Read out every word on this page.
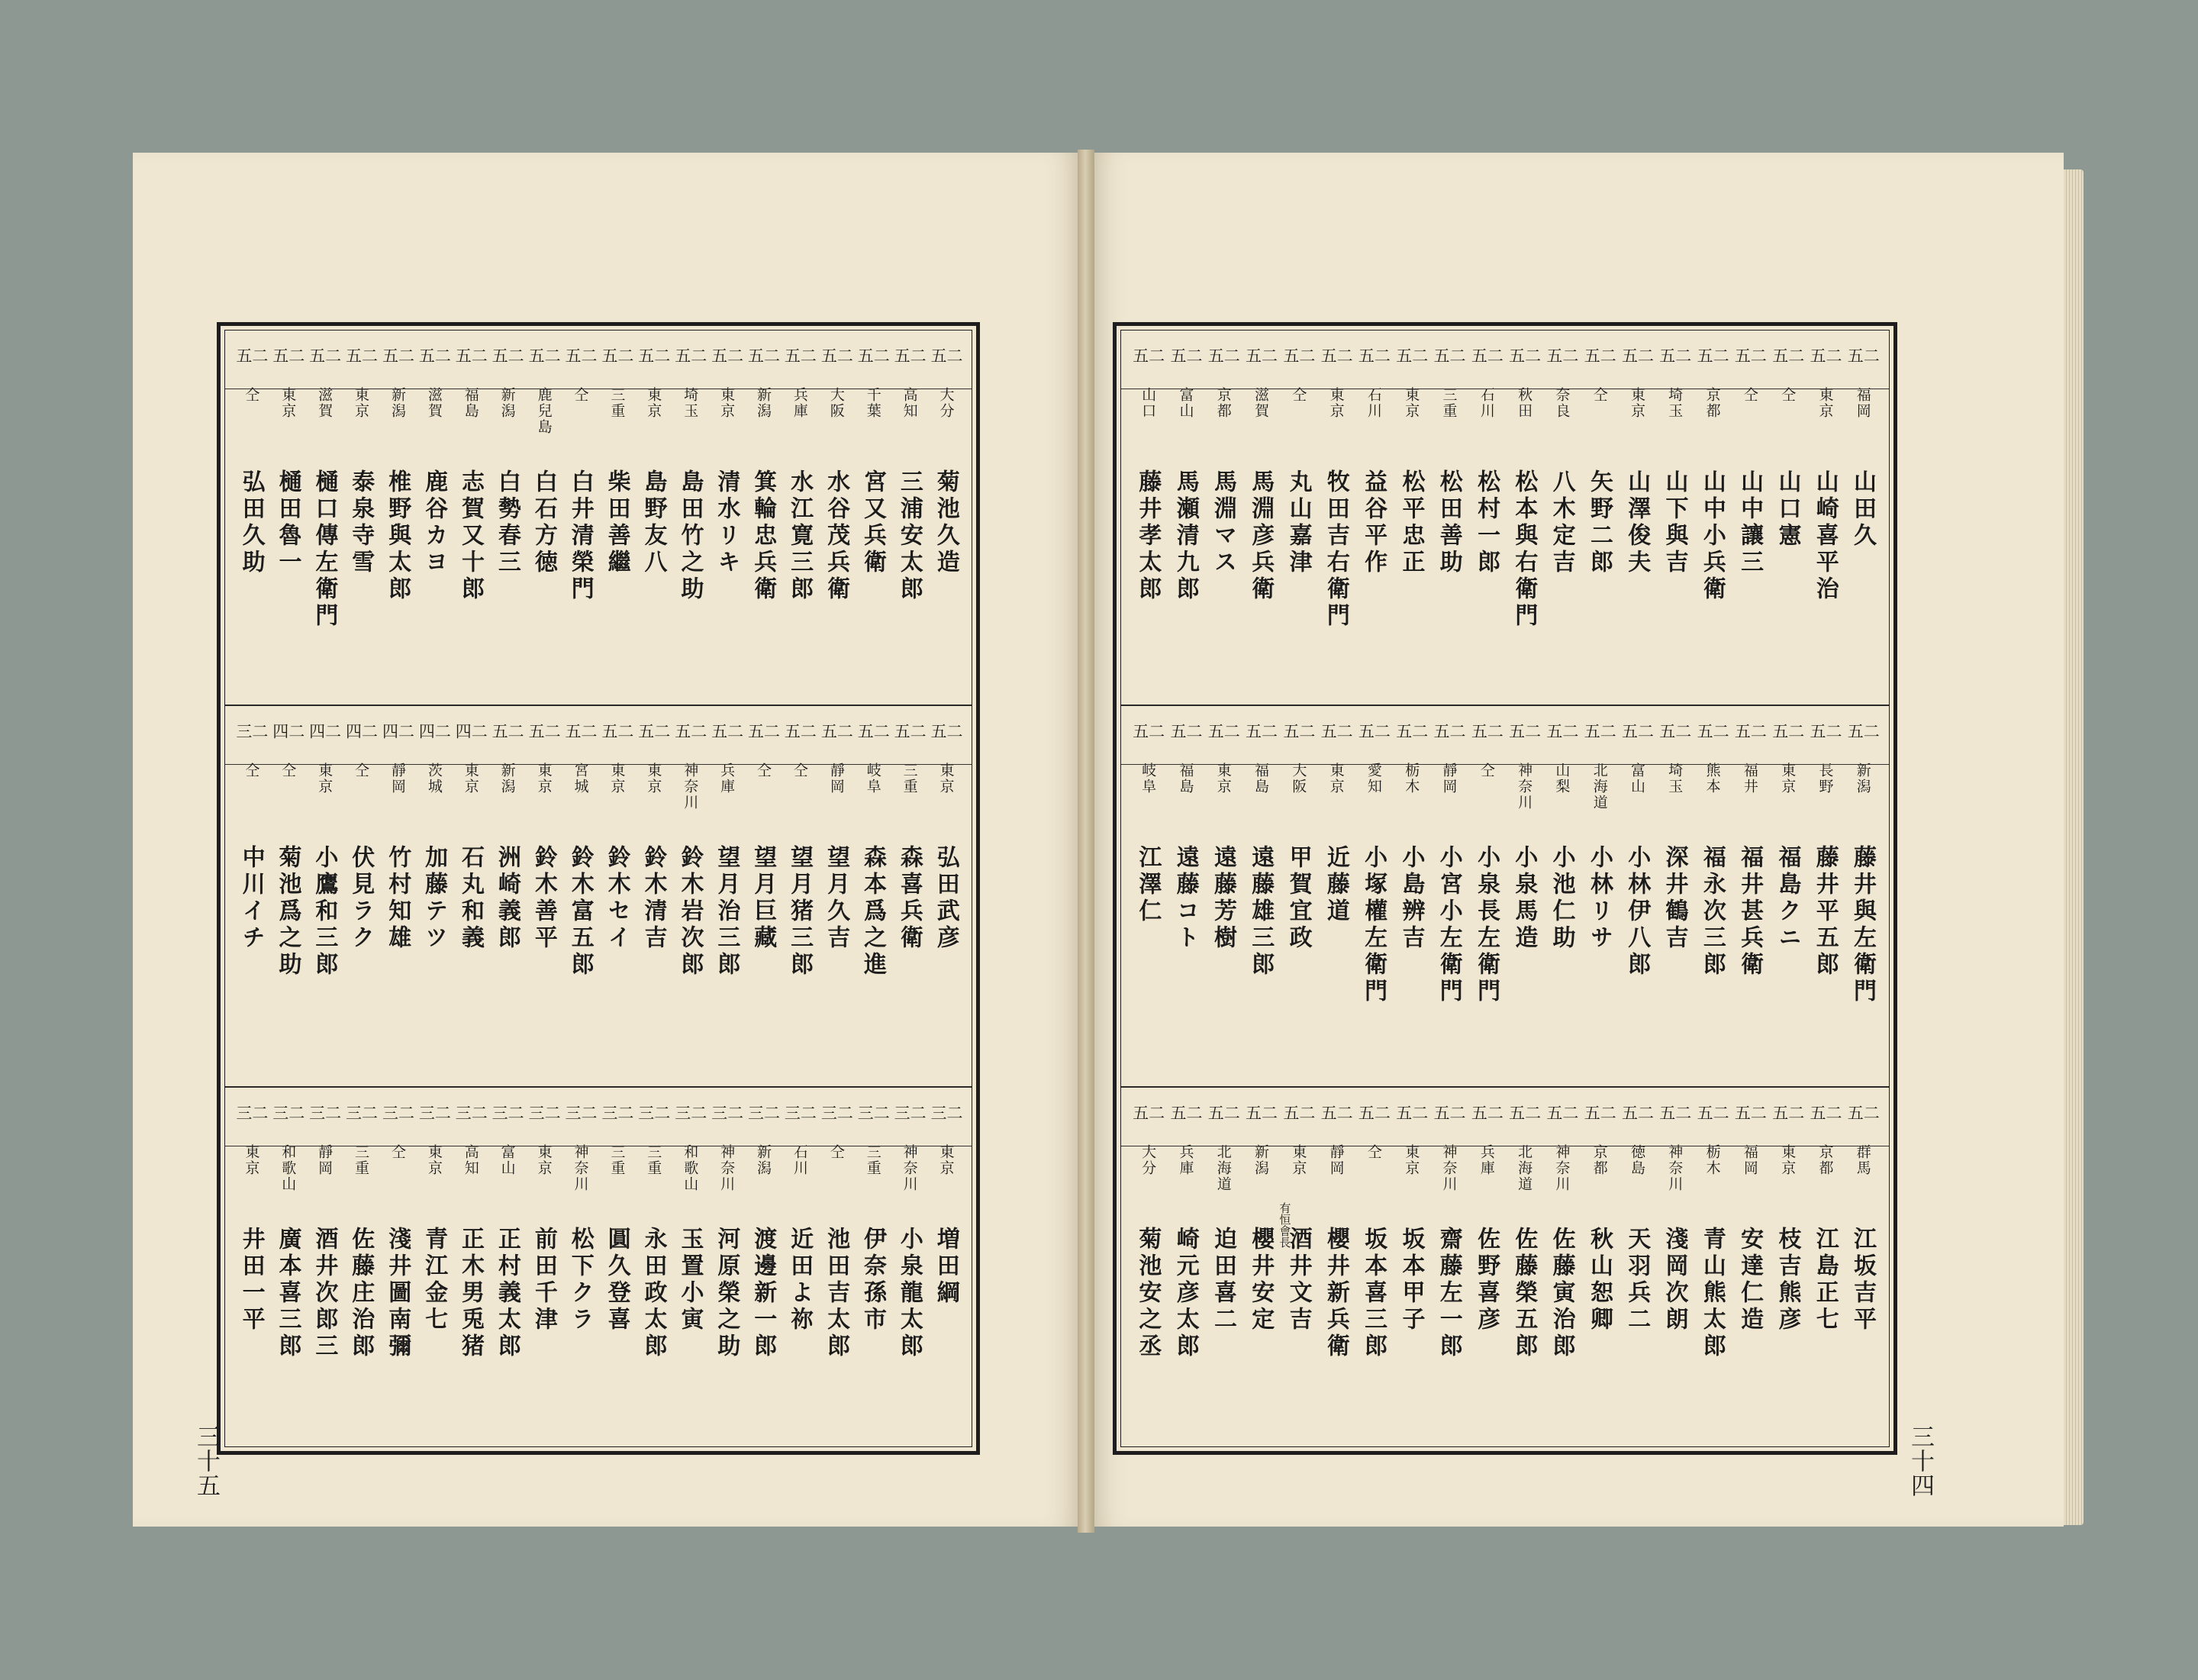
二五
大分
菊池久造
二五
高知
三浦安太郎
二五
千葉
宮又兵衛
二五
大阪
水谷茂兵衛
二五
兵庫
水江寛三郎
二五
新潟
箕輪忠兵衛
二五
東京
清水リキ
二五
埼玉
島田竹之助
二五
東京
島野友八
二五
三重
柴田善繼
二五
仝
白井清榮門
二五
鹿兒島
白石方徳
二五
新潟
白勢春三
二五
福島
志賀又十郎
二五
滋賀
鹿谷カヨ
二五
新潟
椎野與太郎
二五
東京
泰泉寺雪
二五
滋賀
樋口傳左衛門
二五
東京
樋田魯一
二五
仝
弘田久助
二五
東京
弘田武彦
二五
三重
森喜兵衛
二五
岐阜
森本爲之進
二五
靜岡
望月久吉
二五
仝
望月猪三郎
二五
仝
望月巨藏
二五
兵庫
望月治三郎
二五
神奈川
鈴木岩次郎
二五
東京
鈴木清吉
二五
東京
鈴木セイ
二五
宮城
鈴木富五郎
二五
東京
鈴木善平
二五
新潟
洲崎義郎
二四
東京
石丸和義
二四
茨城
加藤テツ
二四
靜岡
竹村知雄
二四
仝
伏見ラク
二四
東京
小鷹和三郎
二四
仝
菊池爲之助
二三
仝
中川イチ
二三
東京
増田綱
二三
神奈川
小泉龍太郎
二三
三重
伊奈孫市
二三
仝
池田吉太郎
二三
石川
近田よ祢
二三
新潟
渡邊新一郎
二三
神奈川
河原榮之助
二三
和歌山
玉置小寅
二三
三重
永田政太郎
二三
三重
圓久登喜
二三
神奈川
松下クラ
二三
東京
前田千津
二三
富山
正村義太郎
二三
高知
正木男兎猪
二三
東京
青江金七
二三
仝
淺井圖南彌
二三
三重
佐藤庄治郎
二三
靜岡
酒井次郎三
二三
和歌山
廣本喜三郎
二三
東京
井田一平
三十五
二五
福岡
山田久
二五
東京
山崎喜平治
二五
仝
山口憲
二五
仝
山中讓三
二五
京都
山中小兵衛
二五
埼玉
山下與吉
二五
東京
山澤俊夫
二五
仝
矢野二郎
二五
奈良
八木定吉
二五
秋田
松本與右衛門
二五
石川
松村一郎
二五
三重
松田善助
二五
東京
松平忠正
二五
石川
益谷平作
二五
東京
牧田吉右衛門
二五
仝
丸山嘉津
二五
滋賀
馬淵彦兵衛
二五
京都
馬淵マス
二五
富山
馬瀬清九郎
二五
山口
藤井孝太郎
二五
新潟
藤井與左衛門
二五
長野
藤井平五郎
二五
東京
福島クニ
二五
福井
福井甚兵衛
二五
熊本
福永次三郎
二五
埼玉
深井鶴吉
二五
富山
小林伊八郎
二五
北海道
小林リサ
二五
山梨
小池仁助
二五
神奈川
小泉馬造
二五
仝
小泉長左衛門
二五
靜岡
小宮小左衛門
二五
栃木
小島辨吉
二五
愛知
小塚權左衛門
二五
東京
近藤道
二五
大阪
甲賀宜政
二五
福島
遠藤雄三郎
二五
東京
遠藤芳樹
二五
福島
遠藤コト
二五
岐阜
江澤仁
二五
群馬
江坂吉平
二五
京都
江島正七
二五
東京
枝吉熊彦
二五
福岡
安達仁造
二五
栃木
青山熊太郎
二五
神奈川
淺岡次朗
二五
徳島
天羽兵二
二五
京都
秋山恕卿
二五
神奈川
佐藤寅治郎
二五
北海道
佐藤榮五郎
二五
兵庫
佐野喜彦
二五
神奈川
齋藤左一郎
二五
東京
坂本甲子
二五
仝
坂本喜三郎
二五
靜岡
櫻井新兵衛
二五
東京
酒井文吉
有恒會長
二五
新潟
櫻井安定
二五
北海道
迫田喜二
二五
兵庫
崎元彦太郎
二五
大分
菊池安之丞
三十四
